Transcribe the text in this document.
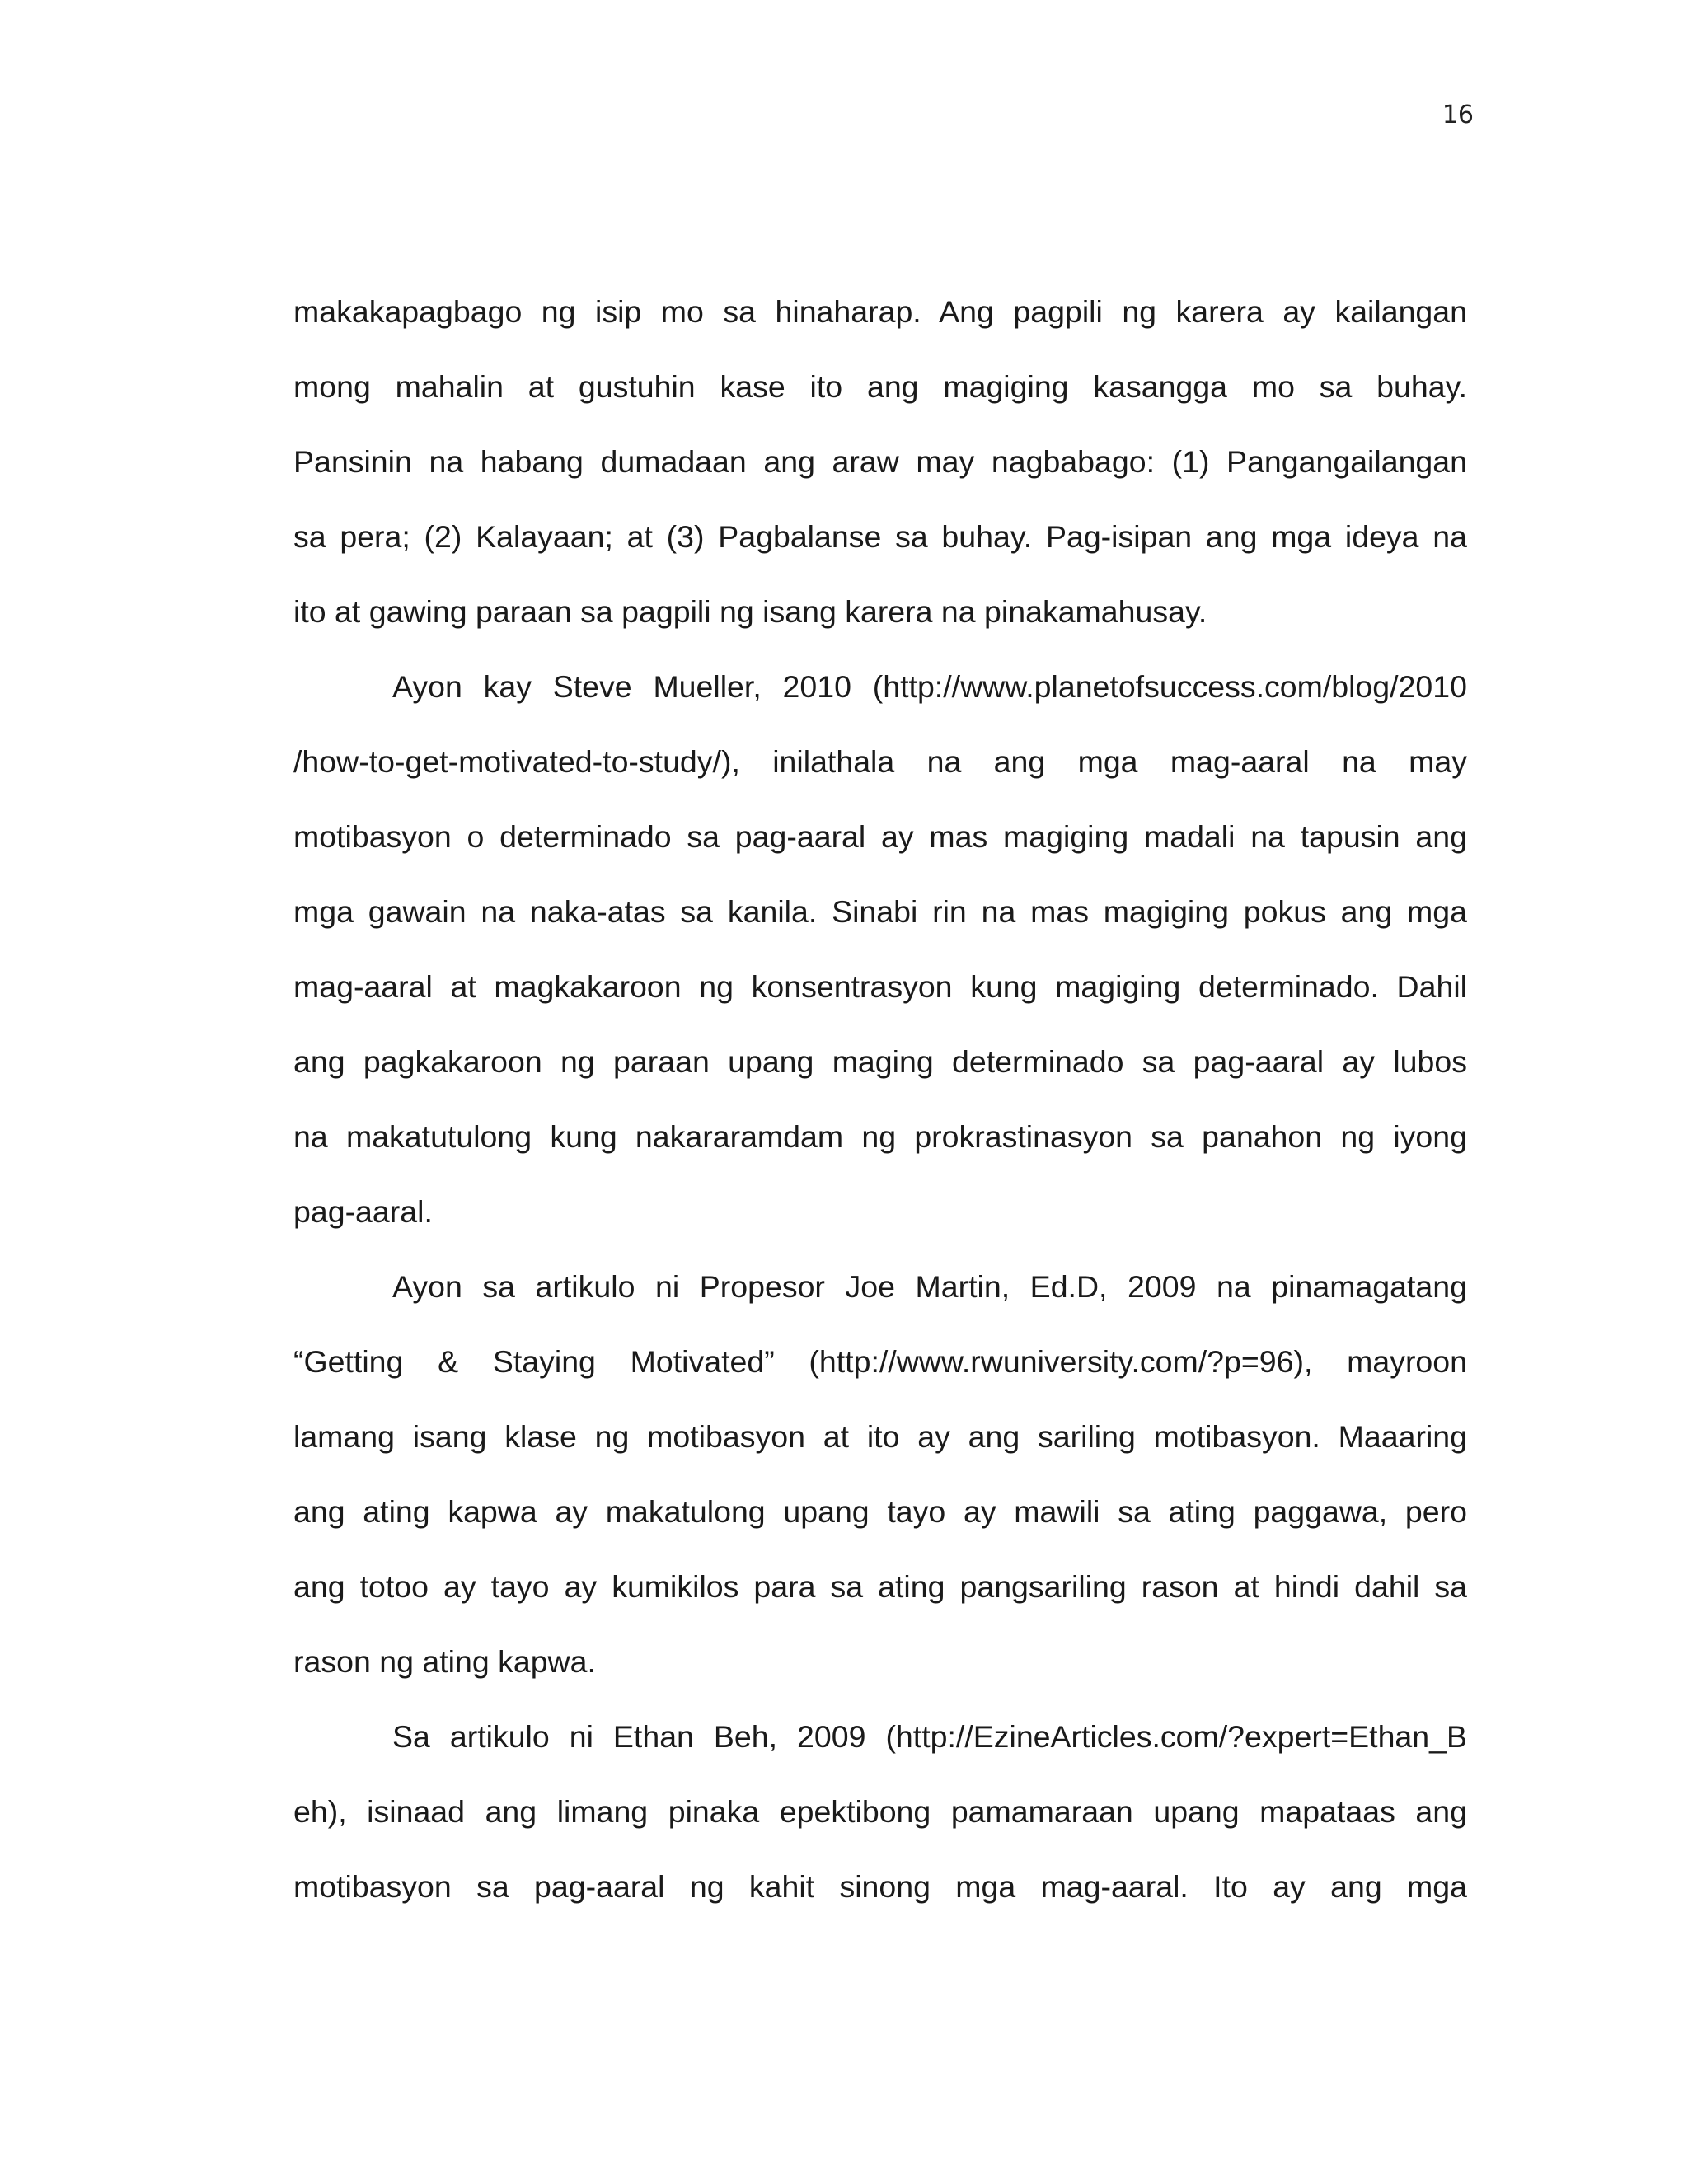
16
makakapagbago ng isip mo sa hinaharap. Ang pagpili ng karera ay kailangan
mong mahalin at gustuhin kase ito ang magiging kasangga mo sa buhay.
Pansinin na habang dumadaan ang araw may nagbabago: (1) Pangangailangan
sa pera; (2) Kalayaan; at (3) Pagbalanse sa buhay. Pag-isipan ang mga ideya na
ito at gawing paraan sa pagpili ng isang karera na pinakamahusay.
Ayon kay Steve Mueller, 2010 (http://www.planetofsuccess.com/blog/2010
/how-to-get-motivated-to-study/), inilathala na ang mga mag-aaral na may
motibasyon o determinado sa pag-aaral ay mas magiging madali na tapusin ang
mga gawain na naka-atas sa kanila. Sinabi rin na mas magiging pokus ang mga
mag-aaral at magkakaroon ng konsentrasyon kung magiging determinado. Dahil
ang pagkakaroon ng paraan upang maging determinado sa pag-aaral ay lubos
na makatutulong kung nakararamdam ng prokrastinasyon sa panahon ng iyong
pag-aaral.
Ayon sa artikulo ni Propesor Joe Martin, Ed.D, 2009 na pinamagatang
“Getting & Staying Motivated” (http://www.rwuniversity.com/?p=96), mayroon
lamang isang klase ng motibasyon at ito ay ang sariling motibasyon. Maaaring
ang ating kapwa ay makatulong upang tayo ay mawili sa ating paggawa, pero
ang totoo ay tayo ay kumikilos para sa ating pangsariling rason at hindi dahil sa
rason ng ating kapwa.
Sa artikulo ni Ethan Beh, 2009 (http://EzineArticles.com/?expert=Ethan_B
eh), isinaad ang limang pinaka epektibong pamamaraan upang mapataas ang
motibasyon sa pag-aaral ng kahit sinong mga mag-aaral. Ito ay ang mga
